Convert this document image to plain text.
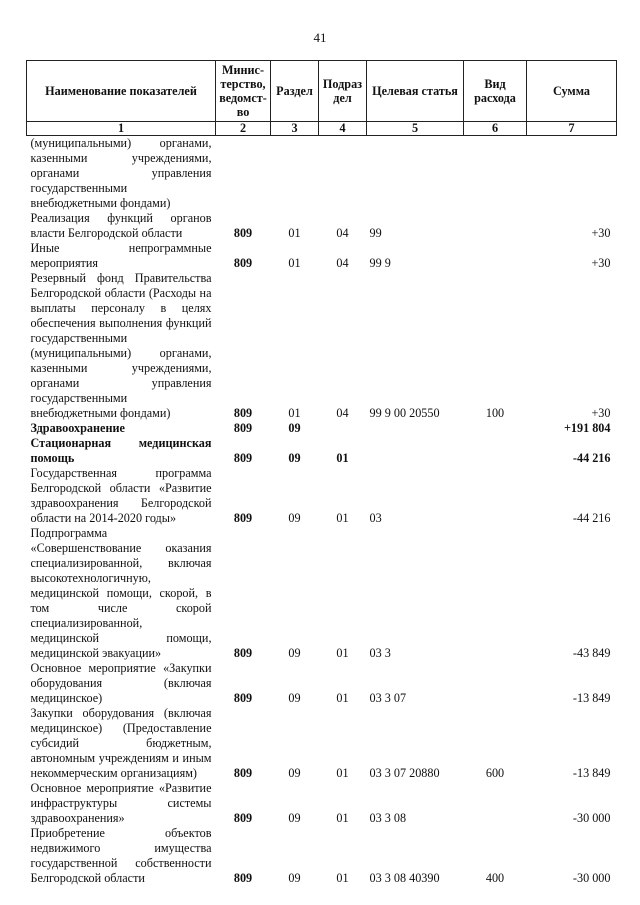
41
Наименование показателей	Минис-терство, ведомст-во	Раздел	Подраз дел	Целевая статья	Вид расхода	Сумма
1	2	3	4	5	6	7
(муниципальными) органами, казенными учреждениями, органами управления государственными внебюджетными фондами)						
Реализация функций органов власти Белгородской области	809	01	04	99		+30
Иные непрограммные мероприятия	809	01	04	99 9		+30
Резервный фонд Правительства Белгородской области (Расходы на выплаты персоналу в целях обеспечения выполнения функций государственными (муниципальными) органами, казенными учреждениями, органами управления государственными внебюджетными фондами)	809	01	04	99 9 00 20550	100	+30
Здравоохранение	809	09				+191 804
Стационарная медицинская помощь	809	09	01			-44 216
Государственная программа Белгородской области «Развитие здравоохранения Белгородской области на 2014-2020 годы»	809	09	01	03		-44 216
Подпрограмма «Совершенствование оказания специализированной, включая высокотехнологичную, медицинской помощи, скорой, в том числе скорой специализированной, медицинской помощи, медицинской эвакуации»	809	09	01	03 3		-43 849
Основное мероприятие «Закупки оборудования (включая медицинское)	809	09	01	03 3 07		-13 849
Закупки оборудования (включая медицинское) (Предоставление субсидий бюджетным, автономным учреждениям и иным некоммерческим организациям)	809	09	01	03 3 07 20880	600	-13 849
Основное мероприятие «Развитие инфраструктуры системы здравоохранения»	809	09	01	03 3 08		-30 000
Приобретение объектов недвижимого имущества государственной собственности Белгородской области	809	09	01	03 3 08 40390	400	-30 000
